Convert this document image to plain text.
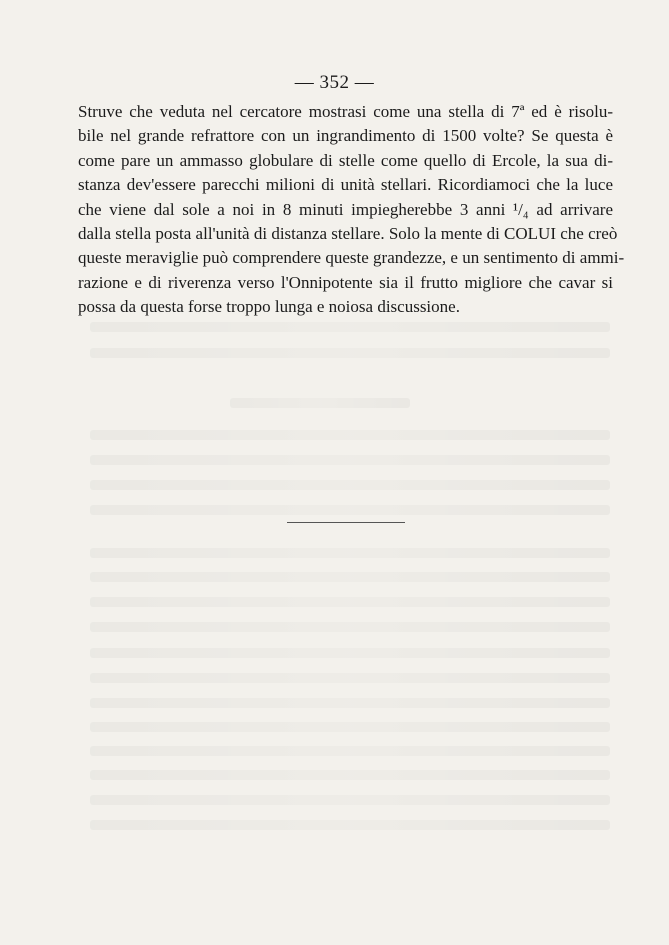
— 352 —
Struve che veduta nel cercatore mostrasi come una stella di 7ª ed è risolu-
bile nel grande refrattore con un ingrandimento di 1500 volte? Se questa è
come pare un ammasso globulare di stelle come quello di Ercole, la sua di-
stanza dev'essere parecchi milioni di unità stellari. Ricordiamoci che la luce
che viene dal sole a noi in 8 minuti impiegherebbe 3 anni ¹/₄ ad arrivare
dalla stella posta all'unità di distanza stellare. Solo la mente di COLUI che creò
queste meraviglie può comprendere queste grandezze, e un sentimento di ammi-
razione e di riverenza verso l'Onnipotente sia il frutto migliore che cavar si
possa da questa forse troppo lunga e noiosa discussione.
